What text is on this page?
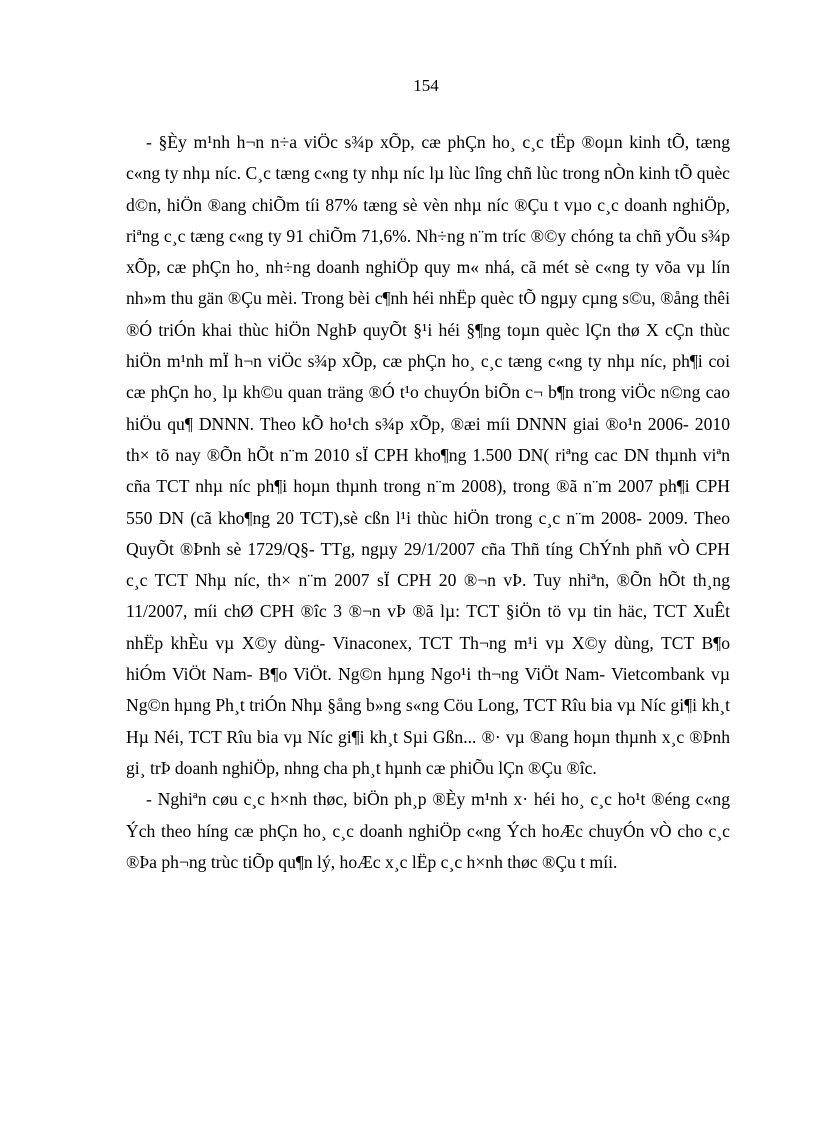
154

- §Èy m¹nh h¬n n÷a viÖc s¾p xÕp, cæ phÇn ho¸ c¸c tËp ®oµn kinh tÕ, tæng c«ng ty nhµ níc. C¸c tæng c«ng ty nhµ níc lµ lùc lîng chñ lùc trong nÒn kinh tÕ quèc d©n, hiÖn ®ang chiÕm tíi 87% tæng sè vèn nhµ níc ®Çu t vµo c¸c doanh nghiÖp, riªng c¸c tæng c«ng ty 91 chiÕm 71,6%. Nh÷ng n¨m tríc ®©y chóng ta chñ yÕu s¾p xÕp, cæ phÇn ho¸ nh÷ng doanh nghiÖp quy m« nhá, cã mét sè c«ng ty võa vµ lín nh»m thu gän ®Çu mèi. Trong bèi c¶nh héi nhËp quèc tÕ ngµy cµng s©u, ®ång thêi ®Ó triÓn khai thùc hiÖn NghÞ quyÕt §¹i héi §¶ng toµn quèc lÇn thø X cÇn thùc hiÖn m¹nh mÏ h¬n viÖc s¾p xÕp, cæ phÇn ho¸ c¸c tæng c«ng ty nhµ níc, ph¶i coi cæ phÇn ho¸ lµ kh©u quan träng ®Ó t¹o chuyÓn biÕn c¬ b¶n trong viÖc n©ng cao hiÖu qu¶ DNNN. Theo kÕ ho¹ch s¾p xÕp, ®æi míi DNNN giai ®o¹n 2006- 2010 th× tõ nay ®Õn hÕt n¨m 2010 sÏ CPH kho¶ng 1.500 DN( riªng cac DN thµnh viªn cña TCT nhµ níc ph¶i hoµn thµnh trong n¨m 2008), trong ®ã n¨m 2007 ph¶i CPH 550 DN (cã kho¶ng 20 TCT),sè cßn l¹i thùc hiÖn trong c¸c n¨m 2008- 2009. Theo QuyÕt ®Þnh sè 1729/Q§- TTg, ngµy 29/1/2007 cña Thñ tíng ChÝnh phñ vÒ CPH c¸c TCT Nhµ níc, th× n¨m 2007 sÏ CPH 20 ®¬n vÞ. Tuy nhiªn, ®Õn hÕt th¸ng 11/2007, míi chØ CPH ®îc 3 ®¬n vÞ ®ã lµ: TCT §iÖn tö vµ tin häc, TCT XuÊt nhËp khÈu vµ X©y dùng- Vinaconex, TCT Th¬ng m¹i vµ X©y dùng, TCT B¶o hiÓm ViÖt Nam- B¶o ViÖt. Ng©n hµng Ngo¹i th¬ng ViÖt Nam- Vietcombank vµ Ng©n hµng Ph¸t triÓn Nhµ §ång b»ng s«ng Cöu Long, TCT Rîu bia vµ Níc gi¶i kh¸t Hµ Néi, TCT Rîu bia vµ Níc gi¶i kh¸t Sµi Gßn... ®· vµ ®ang hoµn thµnh x¸c ®Þnh gi¸ trÞ doanh nghiÖp, nhng cha ph¸t hµnh cæ phiÕu lÇn ®Çu ®îc.

- Nghiªn cøu c¸c h×nh thøc, biÖn ph¸p ®Èy m¹nh x· héi ho¸ c¸c ho¹t ®éng c«ng Ých theo híng cæ phÇn ho¸ c¸c doanh nghiÖp c«ng Ých hoÆc chuyÓn vÒ cho c¸c ®Þa ph¬ng trùc tiÕp qu¶n lý, hoÆc x¸c lËp c¸c h×nh thøc ®Çu t míi.
